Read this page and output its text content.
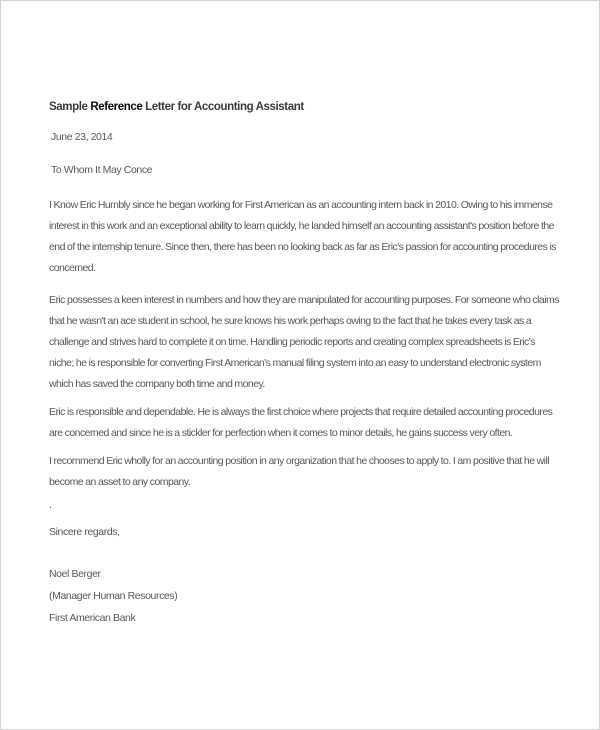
Sample Reference Letter for Accounting Assistant

June 23, 2014

To Whom It May Conce

I Know Eric Humbly since he began working for First American as an accounting intern back in 2010. Owing to his immense interest in this work and an exceptional ability to learn quickly, he landed himself an accounting assistant's position before the end of the internship tenure. Since then, there has been no looking back as far as Eric's passion for accounting procedures is concerned.

Eric possesses a keen interest in numbers and how they are manipulated for accounting purposes. For someone who claims that he wasn't an ace student in school, he sure knows his work perhaps owing to the fact that he takes every task as a challenge and strives hard to complete it on time. Handling periodic reports and creating complex spreadsheets is Eric's niche; he is responsible for converting First American's manual filing system into an easy to understand electronic system which has saved the company both time and money.

Eric is responsible and dependable. He is always the first choice where projects that require detailed accounting procedures are concerned and since he is a stickler for perfection when it comes to minor details, he gains success very often.

I recommend Eric wholly for an accounting position in any organization that he chooses to apply to. I am positive that he will become an asset to any company.

.

Sincere regards,

Noel Berger

(Manager Human Resources)

First American Bank
